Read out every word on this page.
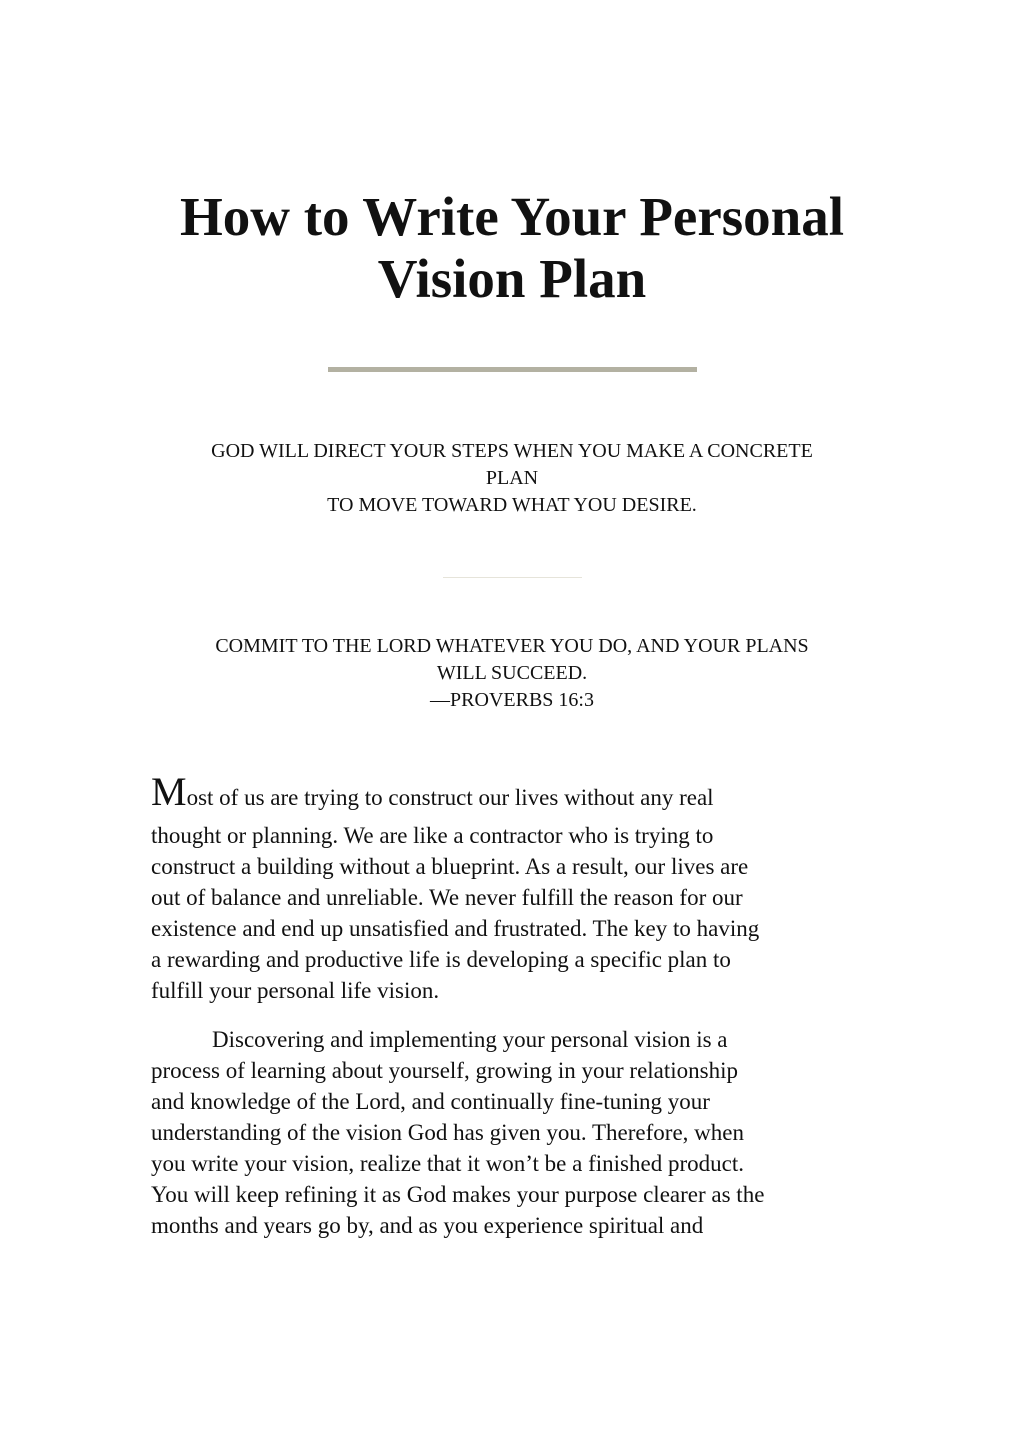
How to Write Your Personal
Vision Plan

GOD WILL DIRECT YOUR STEPS WHEN YOU MAKE A CONCRETE
PLAN
TO MOVE TOWARD WHAT YOU DESIRE.

COMMIT TO THE LORD WHATEVER YOU DO, AND YOUR PLANS
WILL SUCCEED.
—PROVERBS 16:3

Most of us are trying to construct our lives without any real
thought or planning. We are like a contractor who is trying to
construct a building without a blueprint. As a result, our lives are
out of balance and unreliable. We never fulfill the reason for our
existence and end up unsatisfied and frustrated. The key to having
a rewarding and productive life is developing a specific plan to
fulfill your personal life vision.

Discovering and implementing your personal vision is a
process of learning about yourself, growing in your relationship
and knowledge of the Lord, and continually fine-tuning your
understanding of the vision God has given you. Therefore, when
you write your vision, realize that it won’t be a finished product.
You will keep refining it as God makes your purpose clearer as the
months and years go by, and as you experience spiritual and
